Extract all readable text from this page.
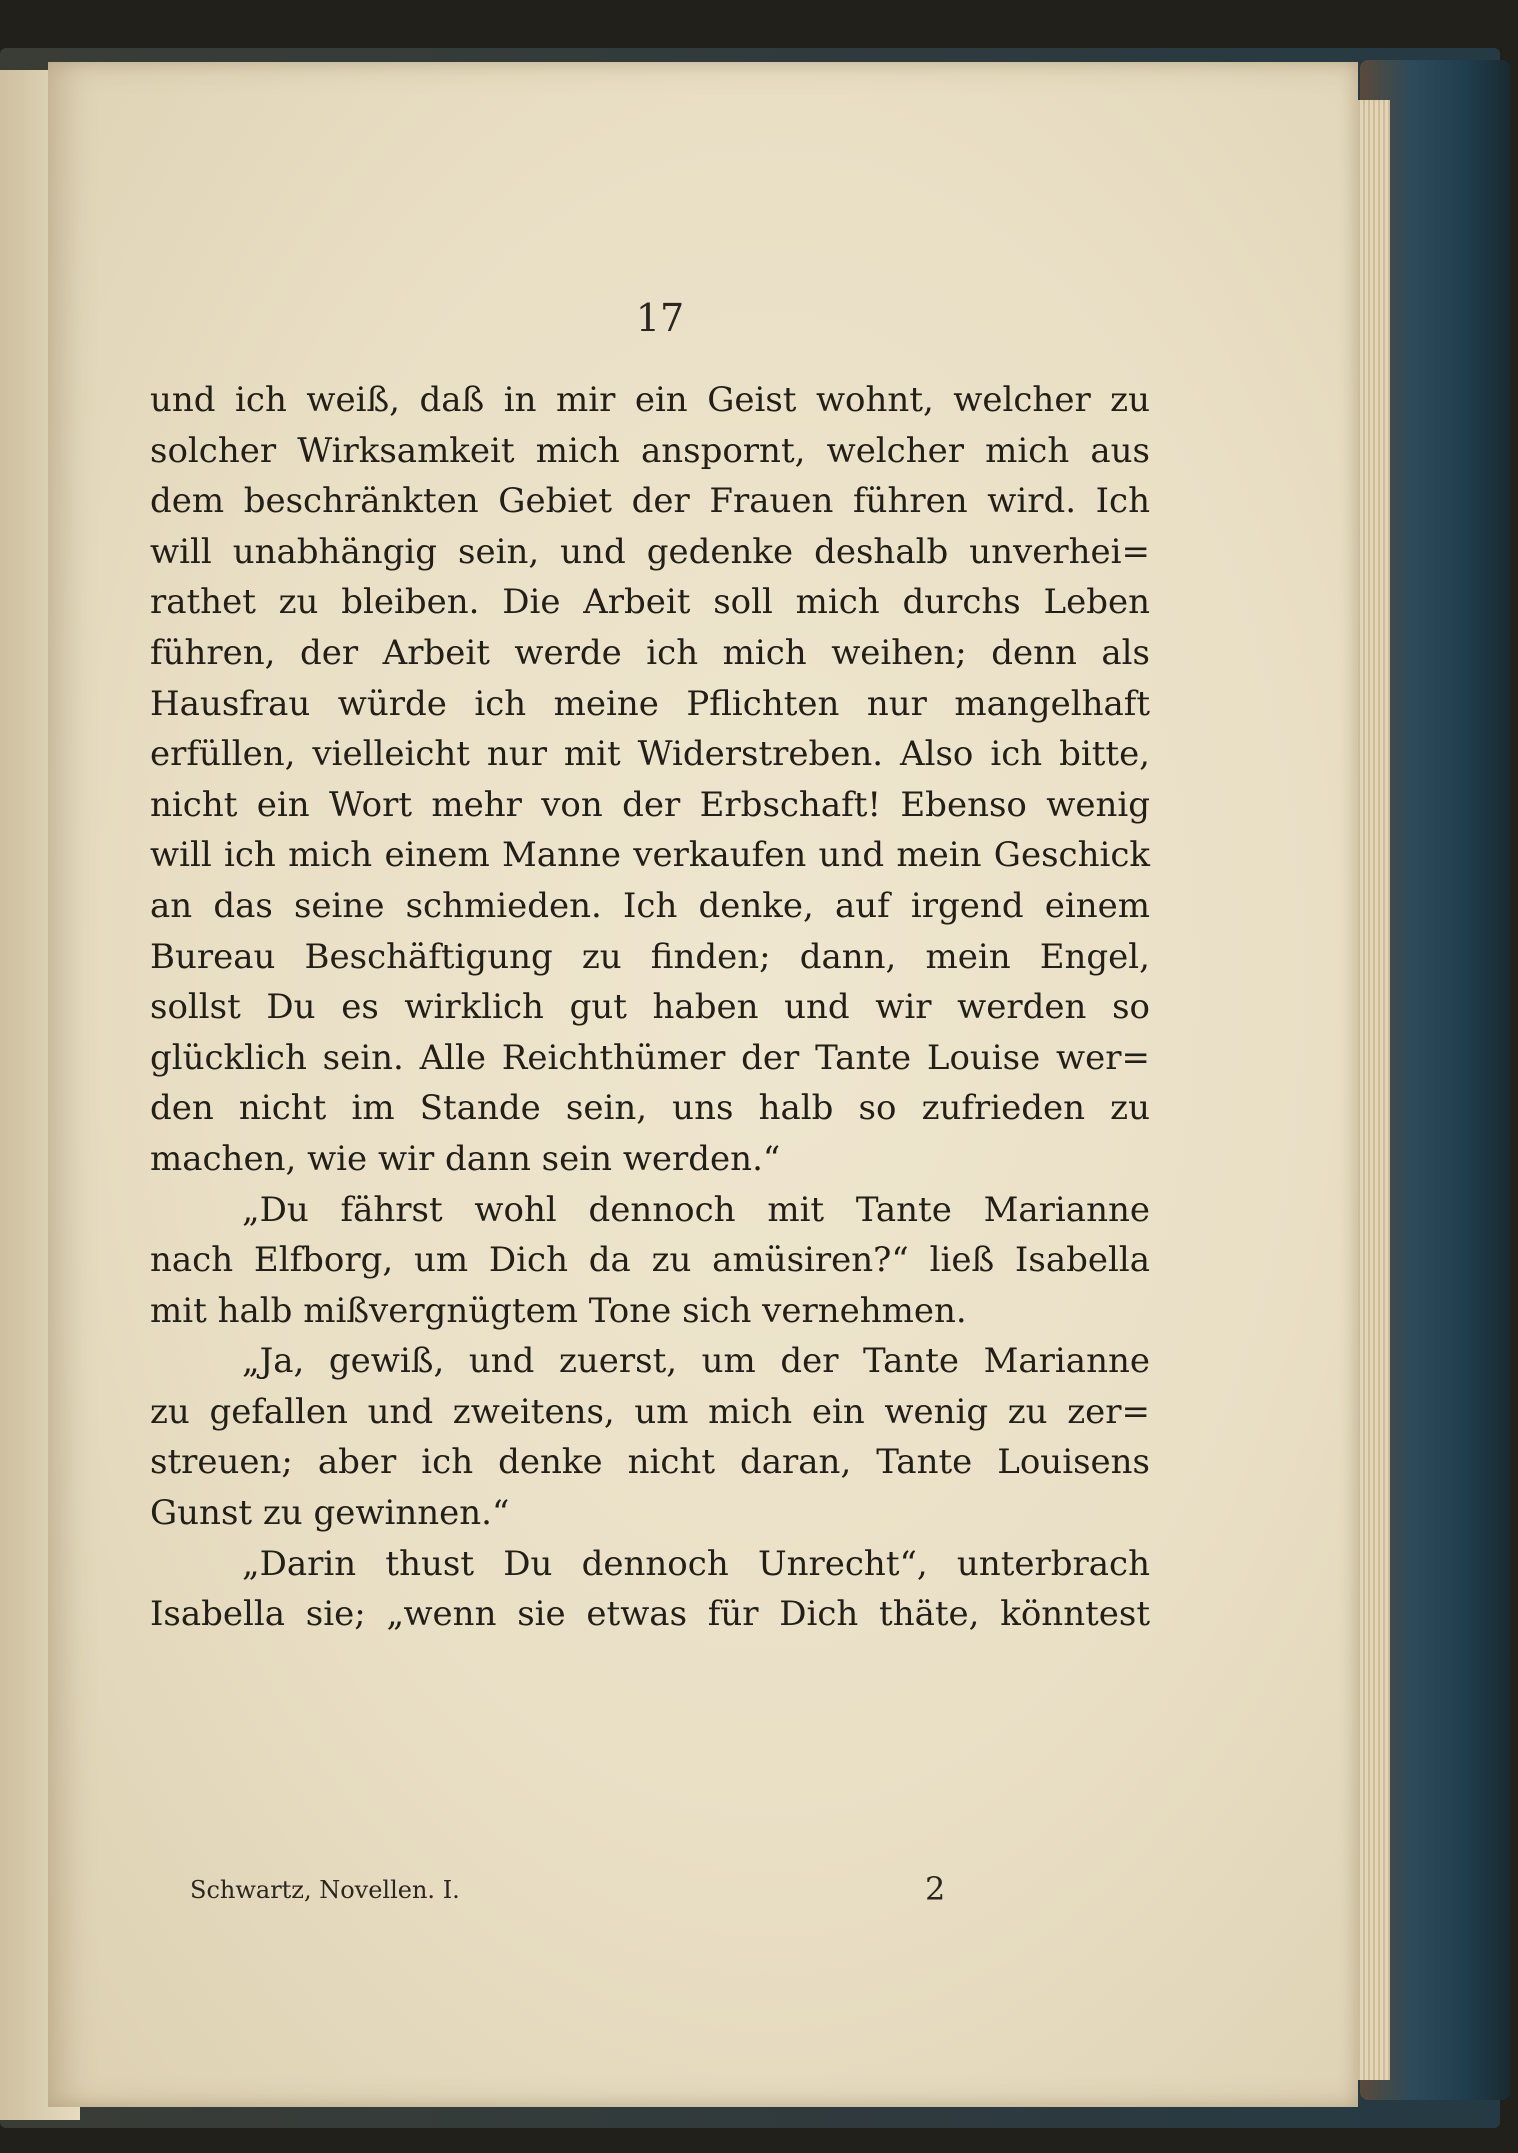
17
und ich weiß, daß in mir ein Geist wohnt, welcher zu
solcher Wirksamkeit mich anspornt, welcher mich aus
dem beschränkten Gebiet der Frauen führen wird. Ich
will unabhängig sein, und gedenke deshalb unverhei=
rathet zu bleiben. Die Arbeit soll mich durchs Leben
führen, der Arbeit werde ich mich weihen; denn als
Hausfrau würde ich meine Pflichten nur mangelhaft
erfüllen, vielleicht nur mit Widerstreben. Also ich bitte,
nicht ein Wort mehr von der Erbschaft! Ebenso wenig
will ich mich einem Manne verkaufen und mein Geschick
an das seine schmieden. Ich denke, auf irgend einem
Bureau Beschäftigung zu finden; dann, mein Engel,
sollst Du es wirklich gut haben und wir werden so
glücklich sein. Alle Reichthümer der Tante Louise wer=
den nicht im Stande sein, uns halb so zufrieden zu
machen, wie wir dann sein werden.“
„Du fährst wohl dennoch mit Tante Marianne
nach Elfborg, um Dich da zu amüsiren?“ ließ Isabella
mit halb mißvergnügtem Tone sich vernehmen.
„Ja, gewiß, und zuerst, um der Tante Marianne
zu gefallen und zweitens, um mich ein wenig zu zer=
streuen; aber ich denke nicht daran, Tante Louisens
Gunst zu gewinnen.“
„Darin thust Du dennoch Unrecht“, unterbrach
Isabella sie; „wenn sie etwas für Dich thäte, könntest
Schwartz, Novellen. I.	2
